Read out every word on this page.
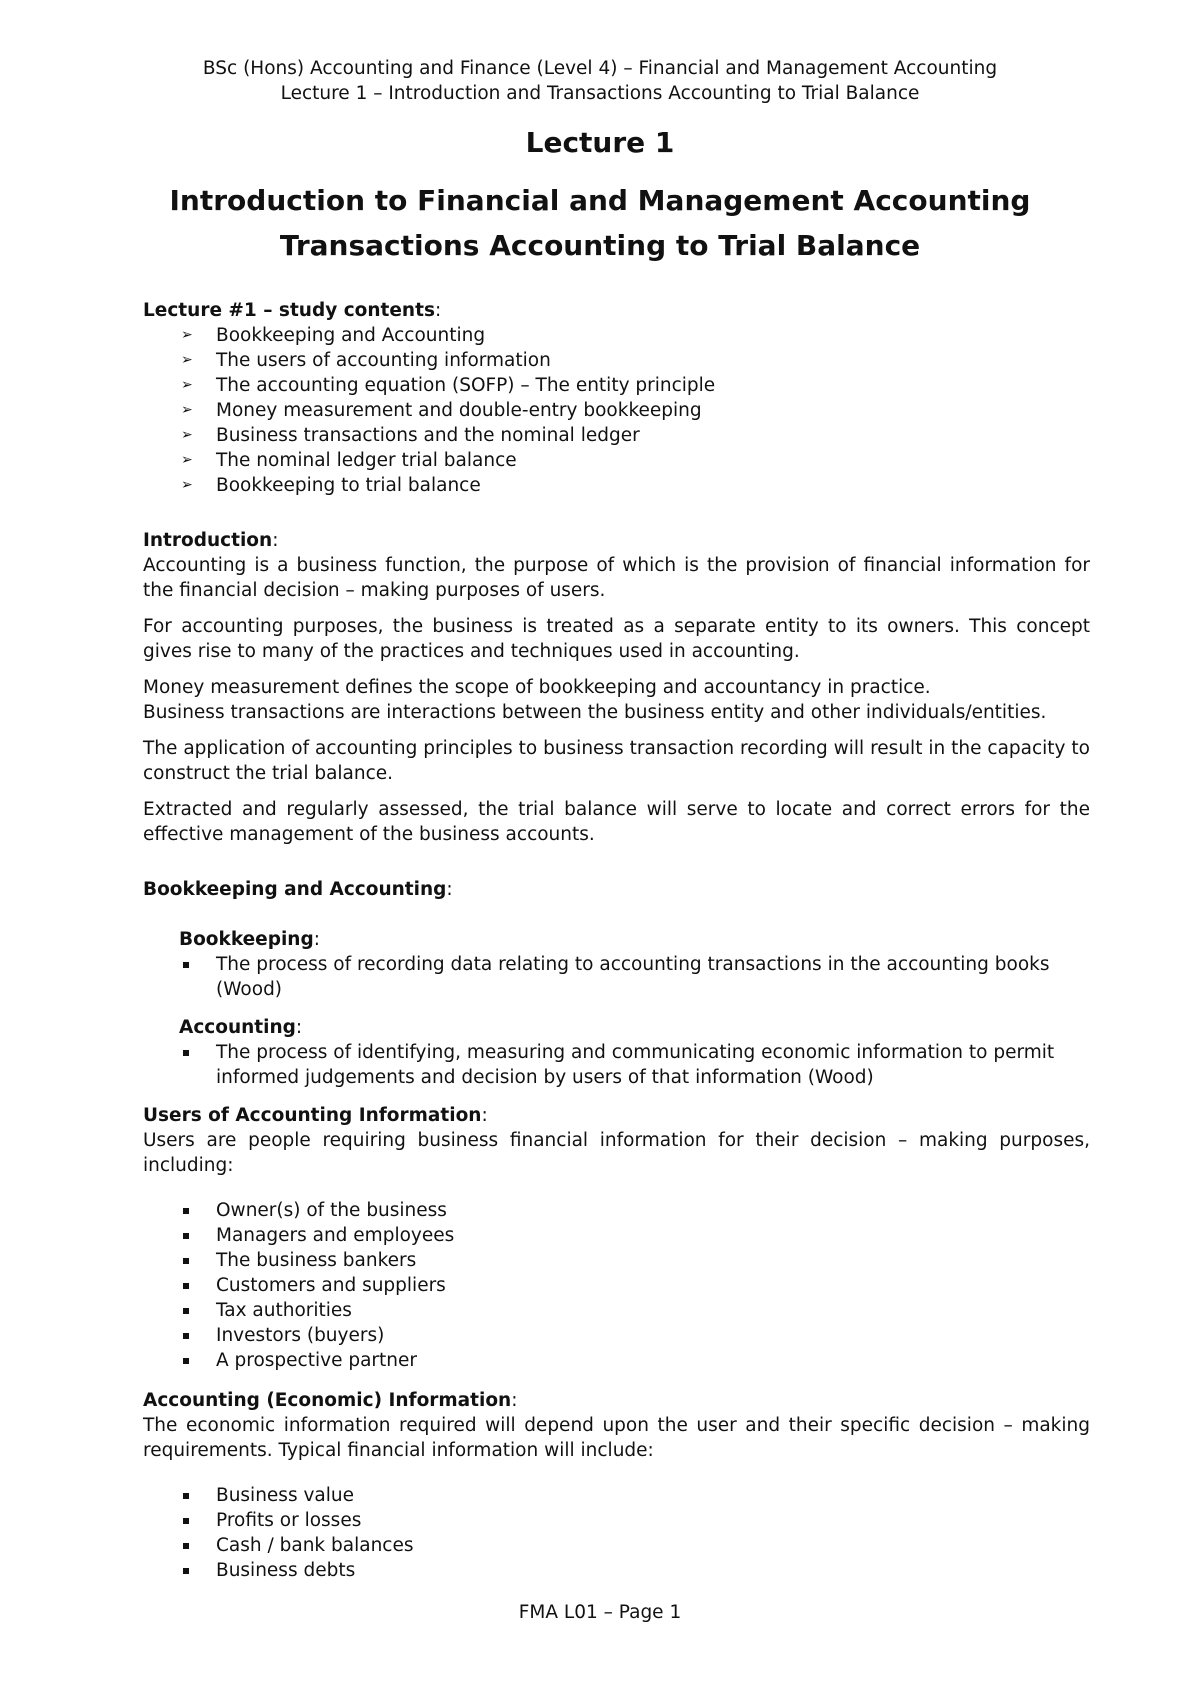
BSc (Hons) Accounting and Finance (Level 4) – Financial and Management Accounting
Lecture 1 – Introduction and Transactions Accounting to Trial Balance
Lecture 1
Introduction to Financial and Management Accounting
Transactions Accounting to Trial Balance
Lecture #1 – study contents:
➢ Bookkeeping and Accounting
➢ The users of accounting information
➢ The accounting equation (SOFP) – The entity principle
➢ Money measurement and double-entry bookkeeping
➢ Business transactions and the nominal ledger
➢ The nominal ledger trial balance
➢ Bookkeeping to trial balance
Introduction:

Accounting is a business function, the purpose of which is the provision of financial information for the financial decision – making purposes of users.

For accounting purposes, the business is treated as a separate entity to its owners. This concept gives rise to many of the practices and techniques used in accounting.

Money measurement defines the scope of bookkeeping and accountancy in practice.

Business transactions are interactions between the business entity and other individuals/entities.

The application of accounting principles to business transaction recording will result in the capacity to construct the trial balance.

Extracted and regularly assessed, the trial balance will serve to locate and correct errors for the effective management of the business accounts.

Bookkeeping and Accounting:
Bookkeeping:
The process of recording data relating to accounting transactions in the accounting books (Wood)
Accounting:
The process of identifying, measuring and communicating economic information to permit
informed judgements and decision by users of that information (Wood)
Users of Accounting Information:

Users are people requiring business financial information for their decision – making purposes, including:

Owner(s) of the business
Managers and employees
The business bankers
Customers and suppliers
Tax authorities
Investors (buyers)
A prospective partner
Accounting (Economic) Information:

The economic information required will depend upon the user and their specific decision – making requirements. Typical financial information will include:

Business value
Profits or losses
Cash / bank balances
Business debts
FMA L01 – Page 1
